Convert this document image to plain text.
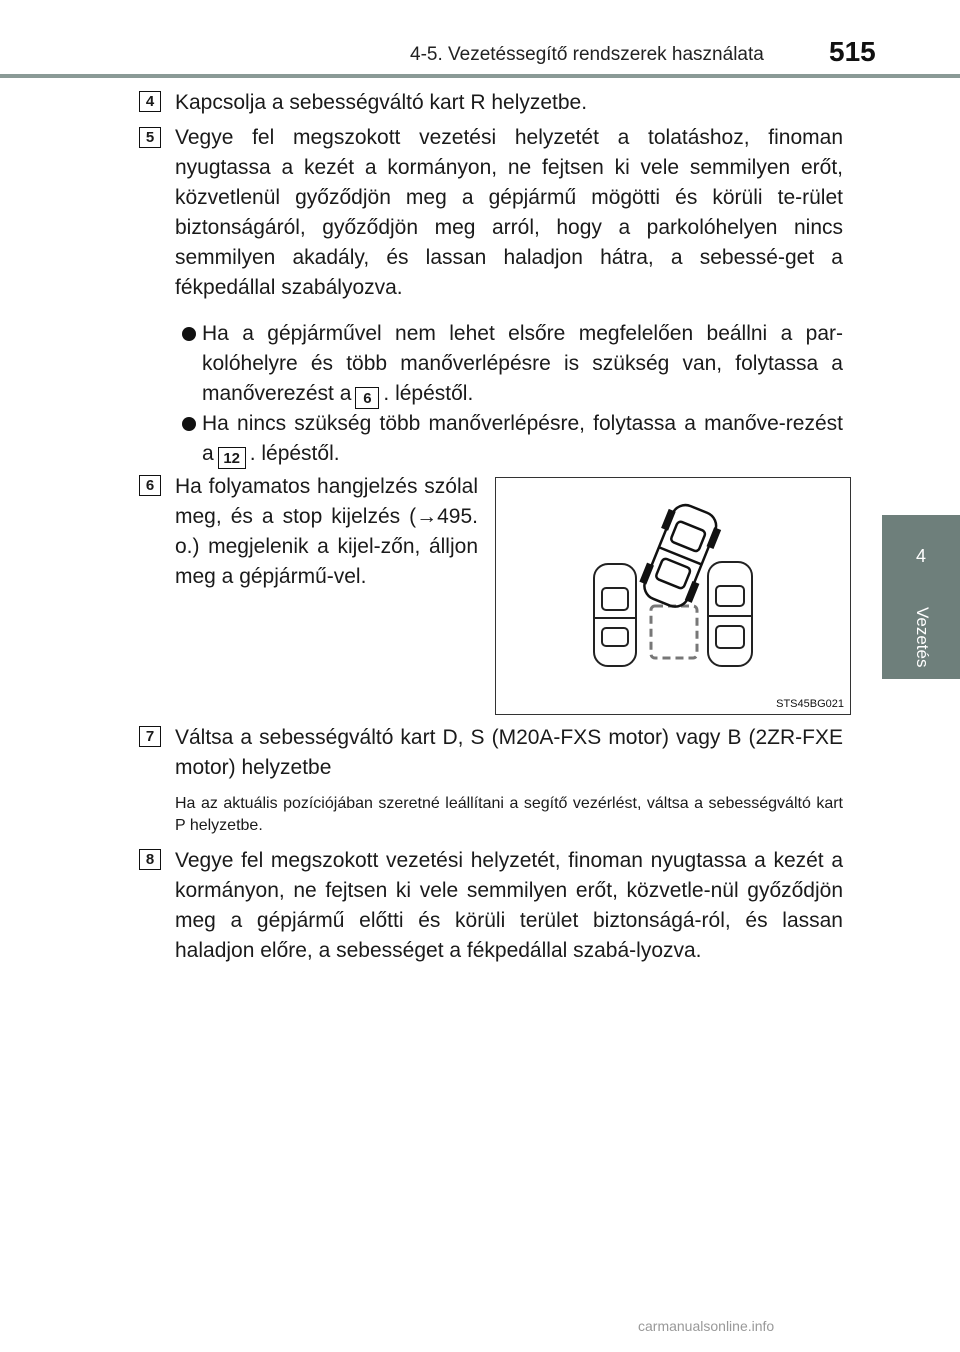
4-5. Vezetéssegítő rendszerek használata 515
4
Vezetés
4 Kapcsolja a sebességváltó kart R helyzetbe.
5 Vegye fel megszokott vezetési helyzetét a tolatáshoz, finoman nyugtassa a kezét a kormányon, ne fejtsen ki vele semmilyen erőt, közvetlenül győződjön meg a gépjármű mögötti és körüli te-rület biztonságáról, győződjön meg arról, hogy a parkolóhelyen nincs semmilyen akadály, és lassan haladjon hátra, a sebessé-get a fékpedállal szabályozva.
Ha a gépjárművel nem lehet elsőre megfelelően beállni a par-kolóhelyre és több manőverlépésre is szükség van, folytassa a manőverezést a 6 . lépéstől.
Ha nincs szükség több manőverlépésre, folytassa a manőve-rezést a 12 . lépéstől.
6 Ha folyamatos hangjelzés szólal meg, és a stop kijelzés (→495. o.) megjelenik a kijel-zőn, álljon meg a gépjármű-vel.
STS45BG021
7 Váltsa a sebességváltó kart D, S (M20A-FXS motor) vagy B (2ZR-FXE motor) helyzetbe
Ha az aktuális pozíciójában szeretné leállítani a segítő vezérlést, váltsa a sebességváltó kart P helyzetbe.
8 Vegye fel megszokott vezetési helyzetét, finoman nyugtassa a kezét a kormányon, ne fejtsen ki vele semmilyen erőt, közvetle-nül győződjön meg a gépjármű előtti és körüli terület biztonságá-ról, és lassan haladjon előre, a sebességet a fékpedállal szabá-lyozva.
carmanualsonline.info
